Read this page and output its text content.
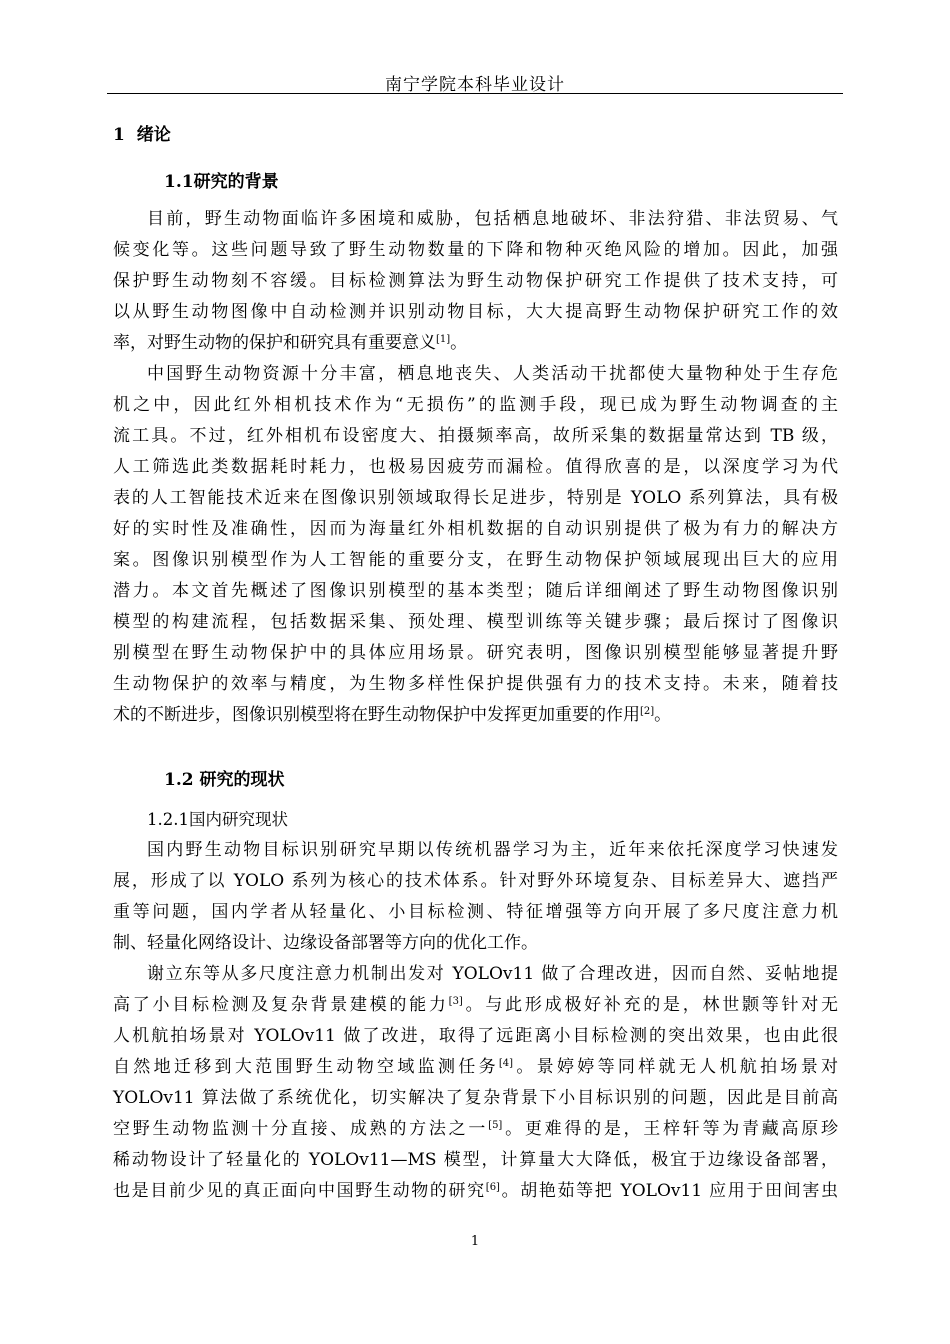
南宁学院本科毕业设计
1 绪论
1.1研究的背景
目前，野生动物面临许多困境和威胁，包括栖息地破坏、非法狩猎、非法贸易、气
候变化等。这些问题导致了野生动物数量的下降和物种灭绝风险的增加。因此，加强
保护野生动物刻不容缓。目标检测算法为野生动物保护研究工作提供了技术支持，可
以从野生动物图像中自动检测并识别动物目标，大大提高野生动物保护研究工作的效
率，对野生动物的保护和研究具有重要意义[1]。
中国野生动物资源十分丰富，栖息地丧失、人类活动干扰都使大量物种处于生存危
机之中，因此红外相机技术作为“无损伤”的监测手段，现已成为野生动物调查的主
流工具。不过，红外相机布设密度大、拍摄频率高，故所采集的数据量常达到 TB 级，
人工筛选此类数据耗时耗力，也极易因疲劳而漏检。值得欣喜的是，以深度学习为代
表的人工智能技术近来在图像识别领域取得长足进步，特别是 YOLO 系列算法，具有极
好的实时性及准确性，因而为海量红外相机数据的自动识别提供了极为有力的解决方
案。图像识别模型作为人工智能的重要分支，在野生动物保护领域展现出巨大的应用
潜力。本文首先概述了图像识别模型的基本类型；随后详细阐述了野生动物图像识别
模型的构建流程，包括数据采集、预处理、模型训练等关键步骤；最后探讨了图像识
别模型在野生动物保护中的具体应用场景。研究表明，图像识别模型能够显著提升野
生动物保护的效率与精度，为生物多样性保护提供强有力的技术支持。未来，随着技
术的不断进步，图像识别模型将在野生动物保护中发挥更加重要的作用[2]。
1.2 研究的现状
1.2.1国内研究现状
国内野生动物目标识别研究早期以传统机器学习为主，近年来依托深度学习快速发
展，形成了以 YOLO 系列为核心的技术体系。针对野外环境复杂、目标差异大、遮挡严
重等问题，国内学者从轻量化、小目标检测、特征增强等方向开展了多尺度注意力机
制、轻量化网络设计、边缘设备部署等方向的优化工作。
谢立东等从多尺度注意力机制出发对 YOLOv11 做了合理改进，因而自然、妥帖地提
高了小目标检测及复杂背景建模的能力[3]。与此形成极好补充的是，林世颢等针对无
人机航拍场景对 YOLOv11 做了改进，取得了远距离小目标检测的突出效果，也由此很
自然地迁移到大范围野生动物空域监测任务[4]。景婷婷等同样就无人机航拍场景对
YOLOv11 算法做了系统优化，切实解决了复杂背景下小目标识别的问题，因此是目前高
空野生动物监测十分直接、成熟的方法之一[5]。更难得的是，王梓轩等为青藏高原珍
稀动物设计了轻量化的 YOLOv11—MS 模型，计算量大大降低，极宜于边缘设备部署，
也是目前少见的真正面向中国野生动物的研究[6]。胡艳茹等把 YOLOv11 应用于田间害虫
1
